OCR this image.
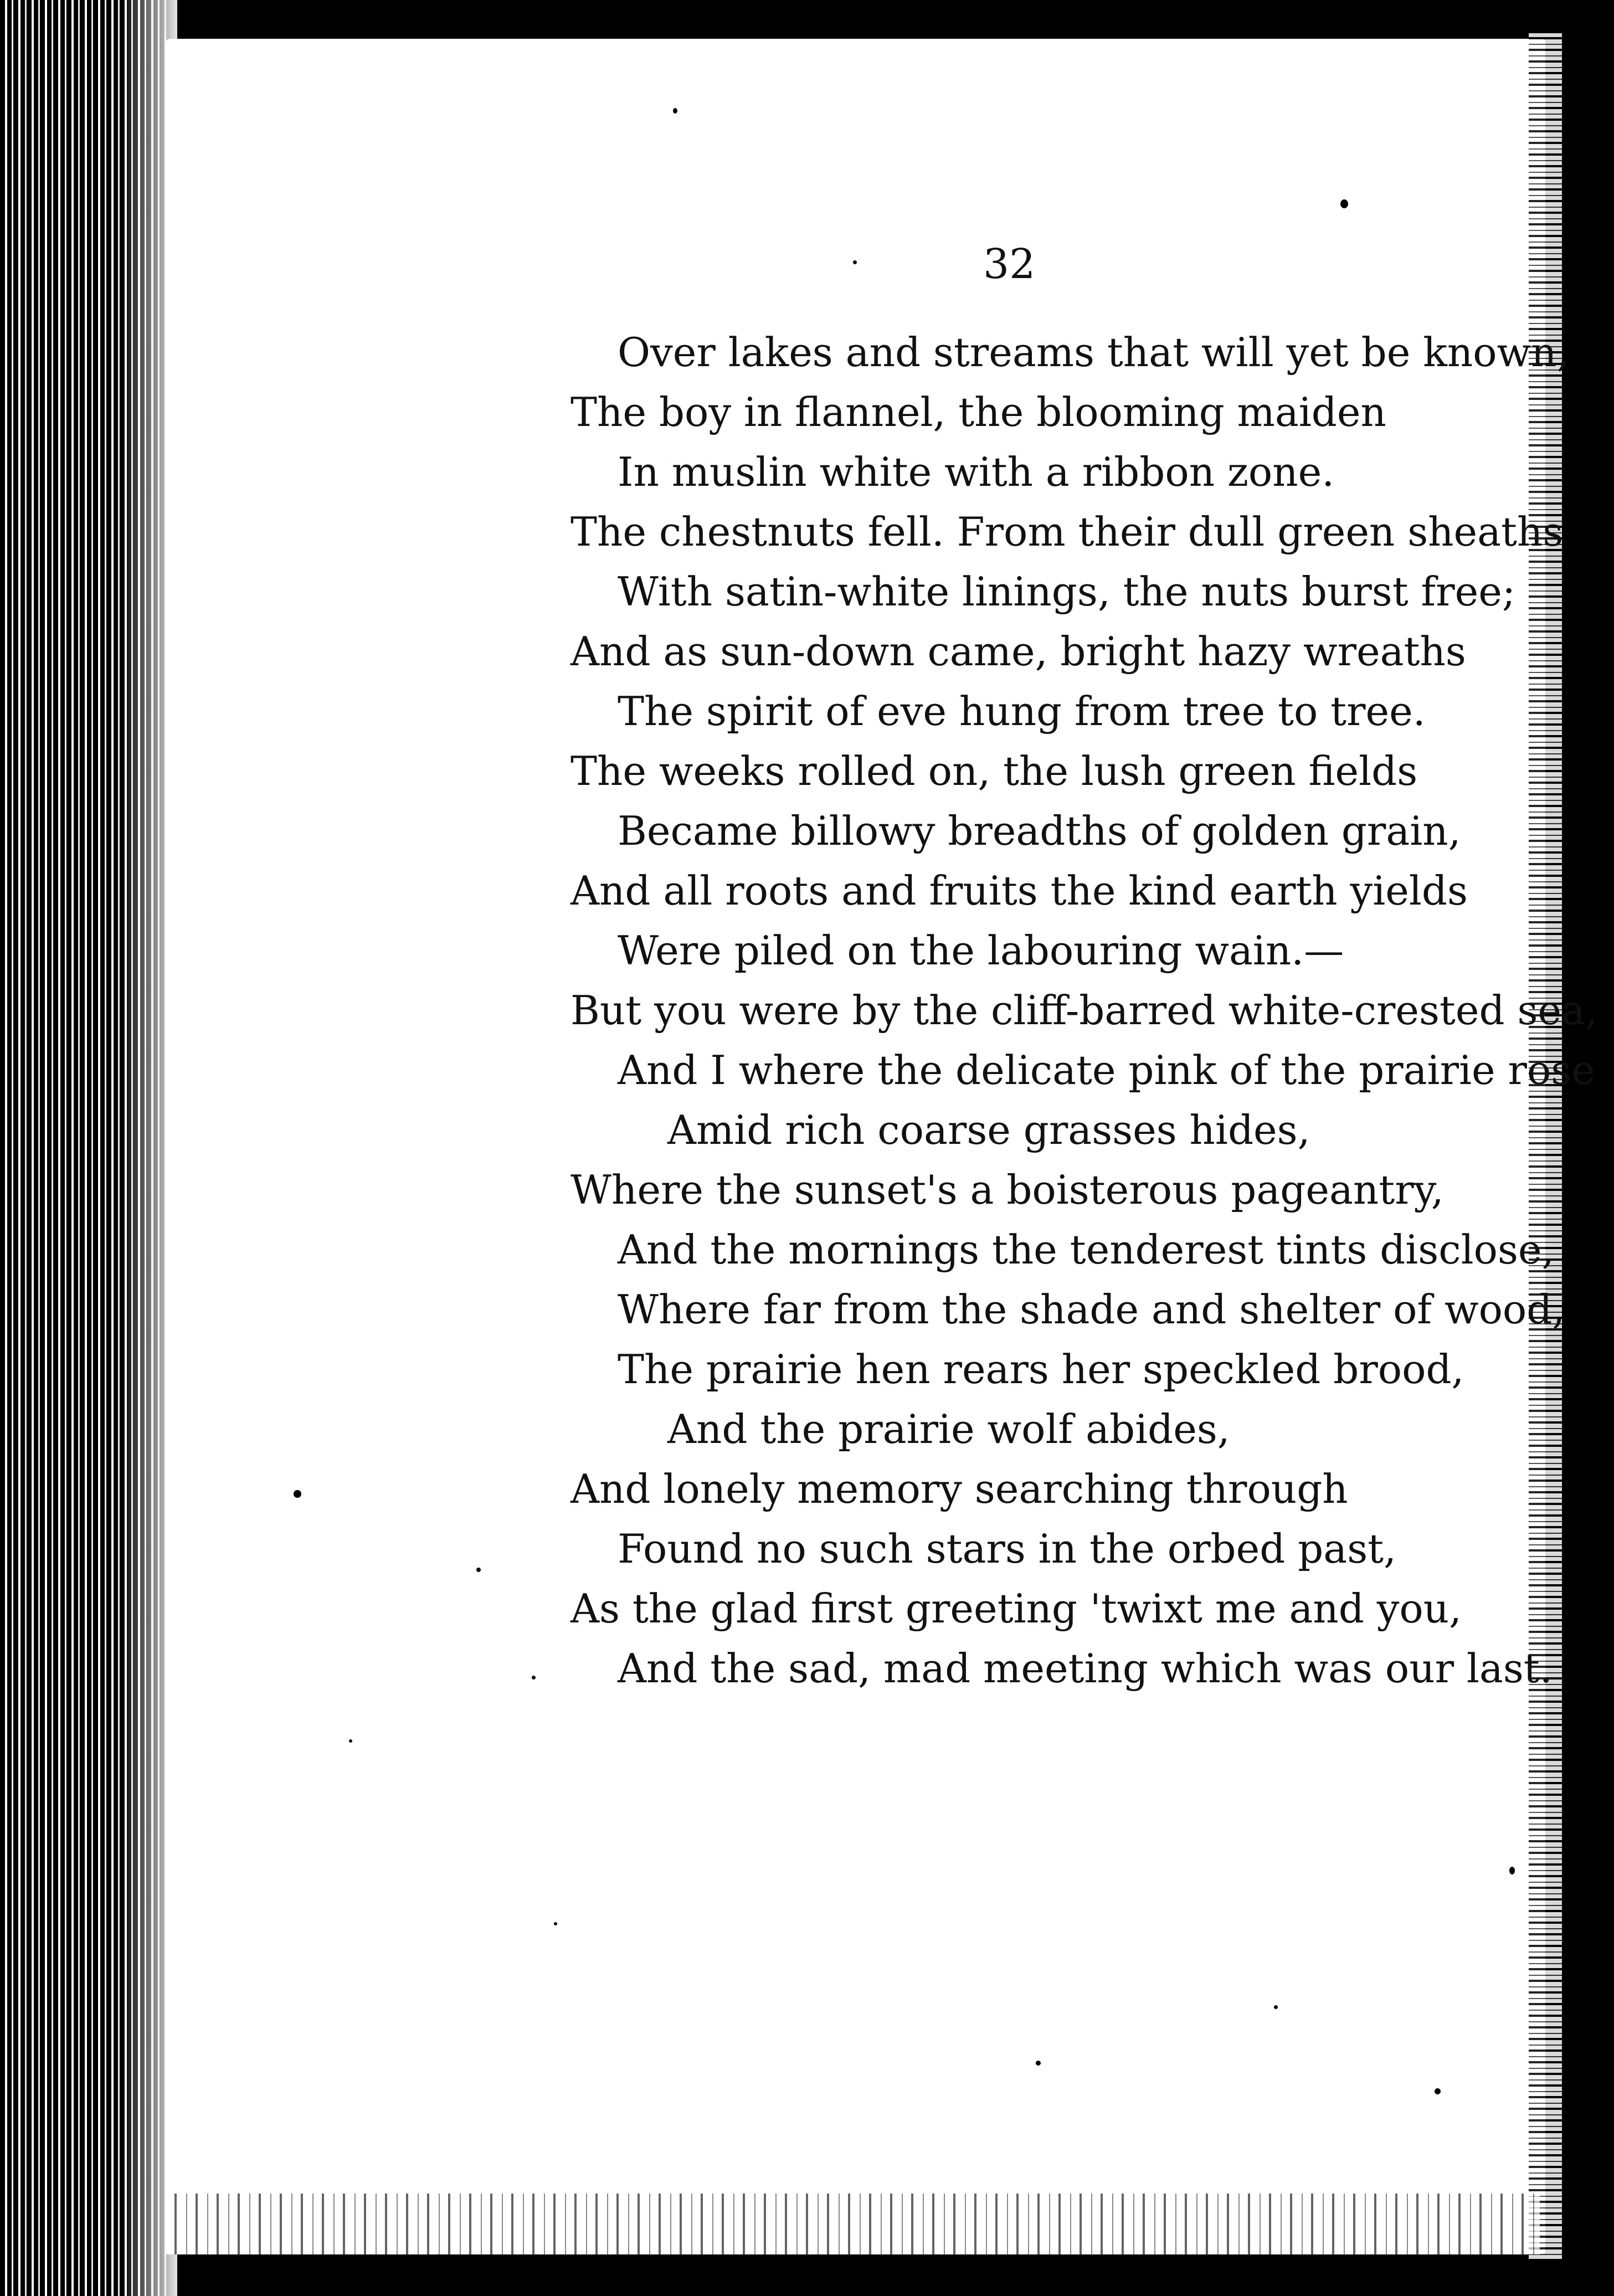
32
Over lakes and streams that will yet be known,
The boy in flannel, the blooming maiden
In muslin white with a ribbon zone.
The chestnuts fell. From their dull green sheaths
With satin-white linings, the nuts burst free;
And as sun-down came, bright hazy wreaths
The spirit of eve hung from tree to tree.
The weeks rolled on, the lush green fields
Became billowy breadths of golden grain,
And all roots and fruits the kind earth yields
Were piled on the labouring wain.—
But you were by the cliff-barred white-crested sea,
And I where the delicate pink of the prairie rose
Amid rich coarse grasses hides,
Where the sunset's a boisterous pageantry,
And the mornings the tenderest tints disclose,
Where far from the shade and shelter of wood,
The prairie hen rears her speckled brood,
And the prairie wolf abides,
And lonely memory searching through
Found no such stars in the orbed past,
As the glad first greeting 'twixt me and you,
And the sad, mad meeting which was our last.
